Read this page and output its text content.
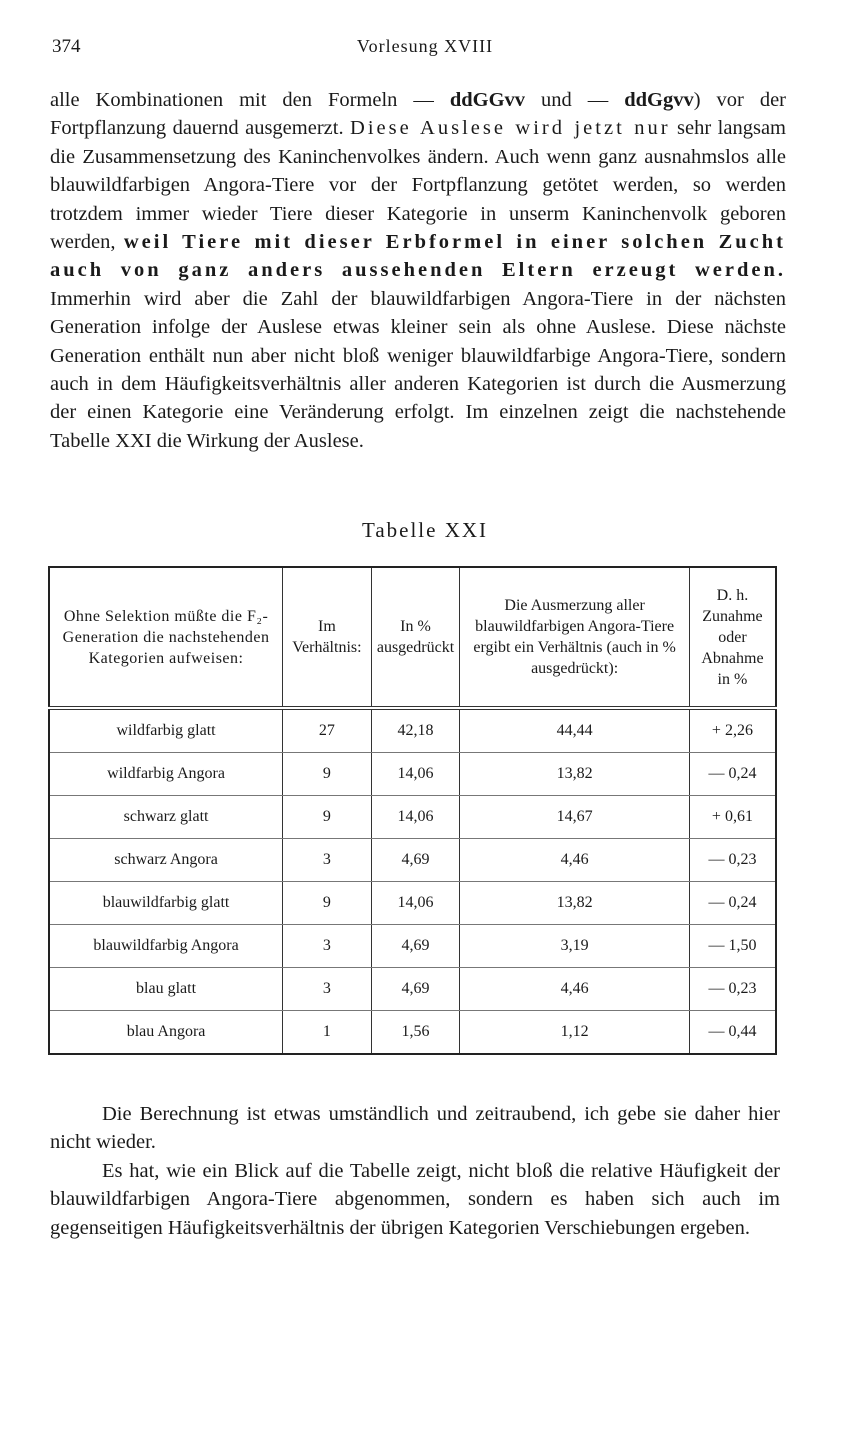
374	Vorlesung XVIII

alle Kombinationen mit den Formeln — ddGGvv und — ddGgvv) vor der Fortpflanzung dauernd ausgemerzt. Diese Auslese wird jetzt nur sehr langsam die Zusammensetzung des Kaninchenvolkes ändern. Auch wenn ganz ausnahmslos alle blauwildfarbigen Angora-Tiere vor der Fortpflanzung getötet werden, so werden trotzdem immer wieder Tiere dieser Kategorie in unserm Kaninchenvolk geboren werden, weil Tiere mit dieser Erbformel in einer solchen Zucht auch von ganz anders aussehenden Eltern erzeugt werden. Immerhin wird aber die Zahl der blauwildfarbigen Angora-Tiere in der nächsten Generation infolge der Auslese etwas kleiner sein als ohne Auslese. Diese nächste Generation enthält nun aber nicht bloß weniger blauwildfarbige Angora-Tiere, sondern auch in dem Häufigkeitsverhältnis aller anderen Kategorien ist durch die Ausmerzung der einen Kategorie eine Veränderung erfolgt. Im einzelnen zeigt die nachstehende Tabelle XXI die Wirkung der Auslese.

Tabelle XXI
Ohne Selektion müßte die F₂-Generation die nachstehenden Kategorien aufweisen:	Im Verhältnis:	In % ausgedrückt	Die Ausmerzung aller blauwildfarbigen Angora-Tiere ergibt ein Verhältnis (auch in % ausgedrückt):	D. h. Zunahme oder Abnahme in %
wildfarbig glatt	27	42,18	44,44	+ 2,26
wildfarbig Angora	9	14,06	13,82	— 0,24
schwarz glatt	9	14,06	14,67	+ 0,61
schwarz Angora	3	4,69	4,46	— 0,23
blauwildfarbig glatt	9	14,06	13,82	— 0,24
blauwildfarbig Angora	3	4,69	3,19	— 1,50
blau glatt	3	4,69	4,46	— 0,23
blau Angora	1	1,56	1,12	— 0,44

Die Berechnung ist etwas umständlich und zeitraubend, ich gebe sie daher hier nicht wieder.

Es hat, wie ein Blick auf die Tabelle zeigt, nicht bloß die relative Häufigkeit der blauwildfarbigen Angora-Tiere abgenommen, sondern es haben sich auch im gegenseitigen Häufigkeitsverhältnis der übrigen Kategorien Verschiebungen ergeben.
